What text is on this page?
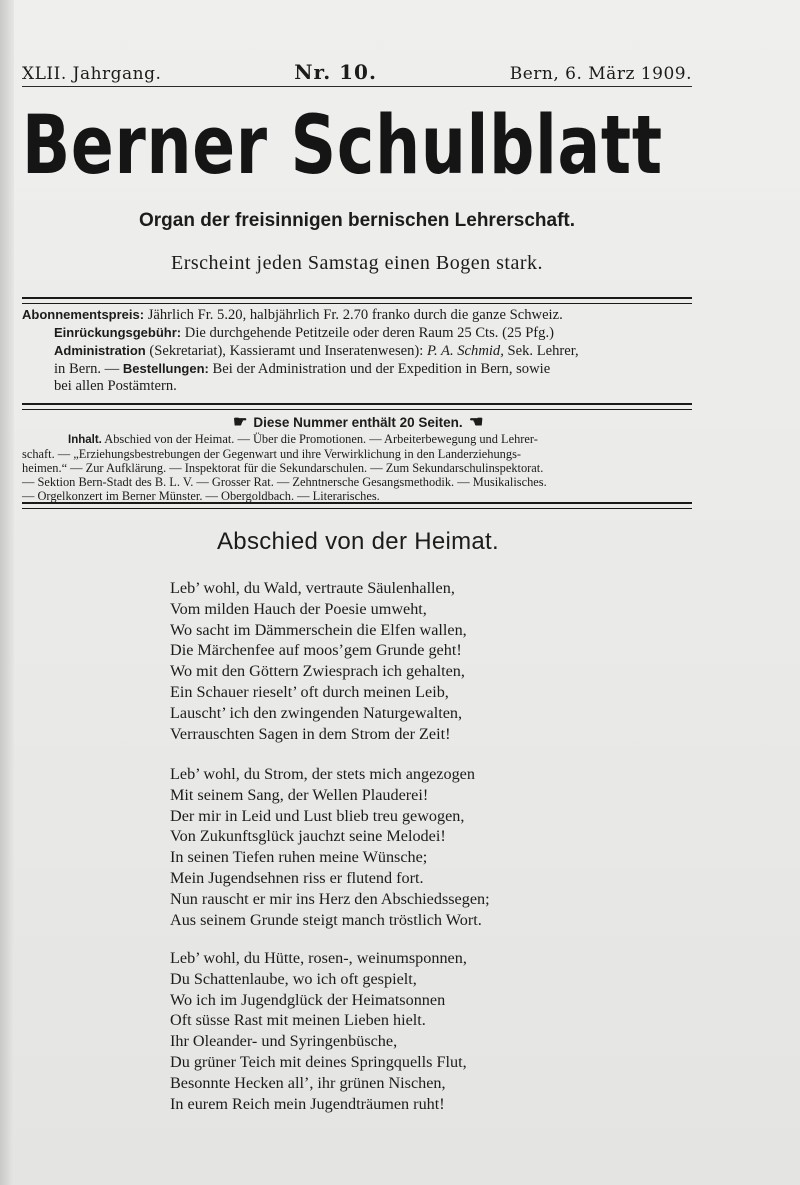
XLII. Jahrgang.	Nr. 10.	Bern, 6. März 1909.
Berner Schulblatt
Organ der freisinnigen bernischen Lehrerschaft.
Erscheint jeden Samstag einen Bogen stark.

Abonnementspreis: Jährlich Fr. 5.20, halbjährlich Fr. 2.70 franko durch die ganze Schweiz.

Einrückungsgebühr: Die durchgehende Petitzeile oder deren Raum 25 Cts. (25 Pfg.)

Administration (Sekretariat), Kassieramt und Inseratenwesen): P. A. Schmid, Sek. Lehrer,

in Bern. — Bestellungen: Bei der Administration und der Expedition in Bern, sowie

bei allen Postämtern.

☛ Diese Nummer enthält 20 Seiten. ☛

Inhalt. Abschied von der Heimat. — Über die Promotionen. — Arbeiterbewegung und Lehrer-

schaft. — „Erziehungsbestrebungen der Gegenwart und ihre Verwirklichung in den Landerziehungs-

heimen.“ — Zur Aufklärung. — Inspektorat für die Sekundarschulen. — Zum Sekundarschulinspektorat.

— Sektion Bern-Stadt des B. L. V. — Grosser Rat. — Zehntnersche Gesangsmethodik. — Musikalisches.

— Orgelkonzert im Berner Münster. — Obergoldbach. — Literarisches.

Abschied von der Heimat.
Leb’ wohl, du Wald, vertraute Säulenhallen,
Vom milden Hauch der Poesie umweht,
Wo sacht im Dämmerschein die Elfen wallen,
Die Märchenfee auf moos’gem Grunde geht!
Wo mit den Göttern Zwiesprach ich gehalten,
Ein Schauer rieselt’ oft durch meinen Leib,
Lauscht’ ich den zwingenden Naturgewalten,
Verrauschten Sagen in dem Strom der Zeit!
Leb’ wohl, du Strom, der stets mich angezogen
Mit seinem Sang, der Wellen Plauderei!
Der mir in Leid und Lust blieb treu gewogen,
Von Zukunftsglück jauchzt seine Melodei!
In seinen Tiefen ruhen meine Wünsche;
Mein Jugendsehnen riss er flutend fort.
Nun rauscht er mir ins Herz den Abschiedssegen;
Aus seinem Grunde steigt manch tröstlich Wort.
Leb’ wohl, du Hütte, rosen-, weinumsponnen,
Du Schattenlaube, wo ich oft gespielt,
Wo ich im Jugendglück der Heimatsonnen
Oft süsse Rast mit meinen Lieben hielt.
Ihr Oleander- und Syringenbüsche,
Du grüner Teich mit deines Springquells Flut,
Besonnte Hecken all’, ihr grünen Nischen,
In eurem Reich mein Jugendträumen ruht!
